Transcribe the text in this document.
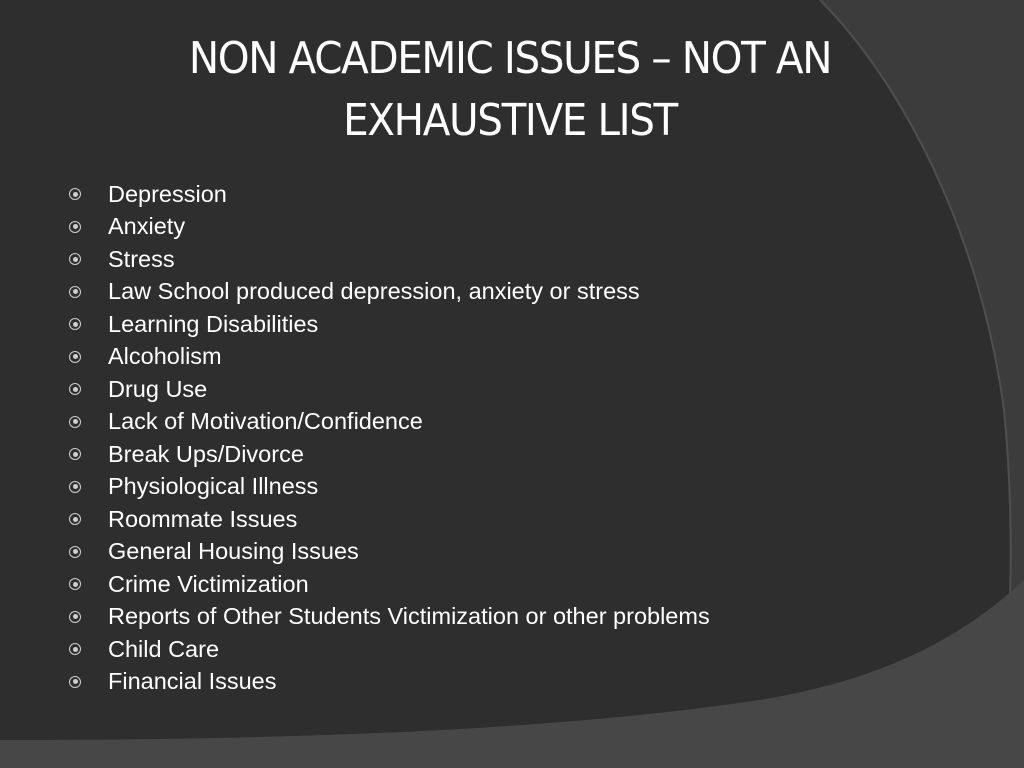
NON ACADEMIC ISSUES – NOT AN
EXHAUSTIVE LIST
Depression
Anxiety
Stress
Law School produced depression, anxiety or stress
Learning Disabilities
Alcoholism
Drug Use
Lack of Motivation/Confidence
Break Ups/Divorce
Physiological Illness
Roommate Issues
General Housing Issues
Crime Victimization
Reports of Other Students Victimization or other problems
Child Care
Financial Issues
